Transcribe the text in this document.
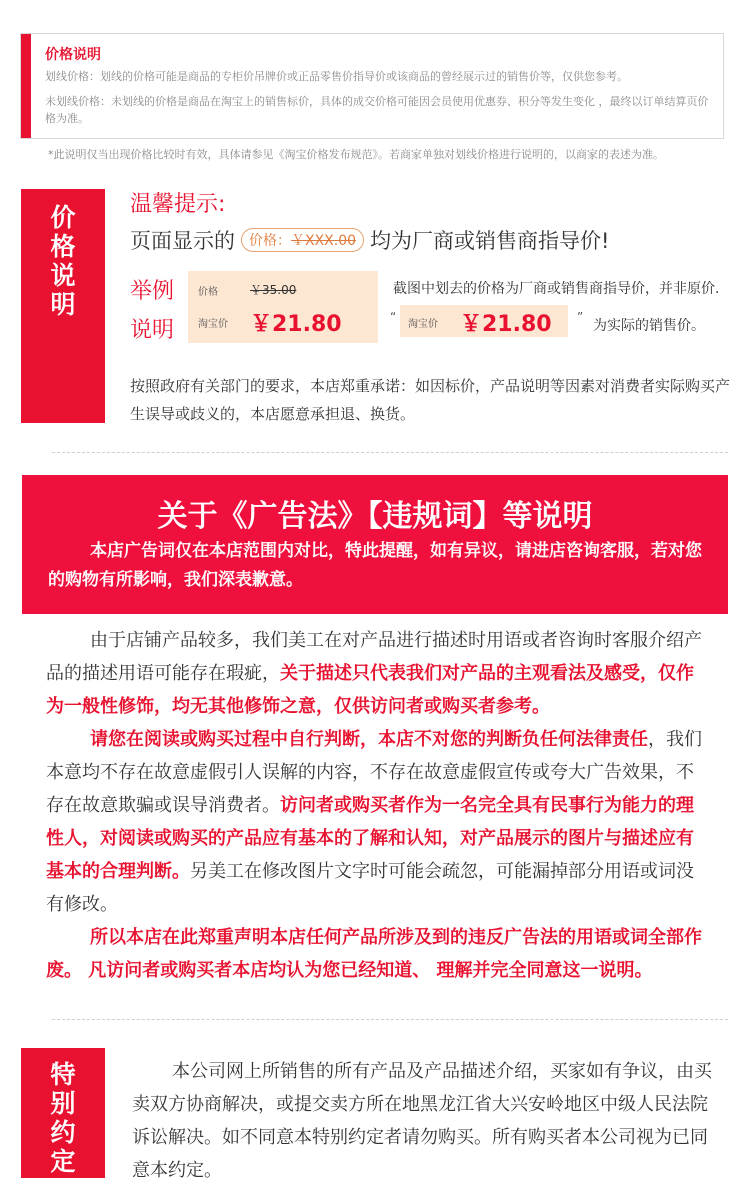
价格说明
划线价格：划线的价格可能是商品的专柜价吊牌价或正品零售价指导价或该商品的曾经展示过的销售价等，仅供您参考。
未划线价格：未划线的价格是商品在淘宝上的销售标价，具体的成交价格可能因会员使用优惠券、积分等发生变化 ，最终以订单结算页价格为准。
*此说明仅当出现价格比较时有效，具体请参见《淘宝价格发布规范》。若商家单独对划线价格进行说明的，以商家的表述为准。
价格说明
温馨提示:
页面显示的	价格：￥XXX.00 均为厂商或销售商指导价!
举例
说明
价格	￥35.00
淘宝价 ￥21.80
截图中划去的价格为厂商或销售商指导价，并非原价.
“
淘宝价 ￥21.80 ”
为实际的销售价。
按照政府有关部门的要求，本店郑重承诺：如因标价，产品说明等因素对消费者实际购买产生误导或歧义的，本店愿意承担退、换货。
关于《广告法》【违规词】等说明
本店广告词仅在本店范围内对比，特此提醒，如有异议，请进店咨询客服，若对您的购物有所影响，我们深表歉意。

由于店铺产品较多，我们美工在对产品进行描述时用语或者咨询时客服介绍产品的描述用语可能存在瑕疵，关于描述只代表我们对产品的主观看法及感受，仅作为一般性修饰，均无其他修饰之意，仅供访问者或购买者参考。

请您在阅读或购买过程中自行判断，本店不对您的判断负任何法律责任，我们本意均不存在故意虚假引人误解的内容，不存在故意虚假宣传或夸大广告效果，不存在故意欺骗或误导消费者。访问者或购买者作为一名完全具有民事行为能力的理性人，对阅读或购买的产品应有基本的了解和认知，对产品展示的图片与描述应有基本的合理判断。另美工在修改图片文字时可能会疏忽，可能漏掉部分用语或词没有修改。

所以本店在此郑重声明本店任何产品所涉及到的违反广告法的用语或词全部作废。 凡访问者或购买者本店均认为您已经知道、 理解并完全同意这一说明。

特别约定
本公司网上所销售的所有产品及产品描述介绍，买家如有争议，由买卖双方协商解决，或提交卖方所在地黑龙江省大兴安岭地区中级人民法院诉讼解决。如不同意本特别约定者请勿购买。所有购买者本公司视为已同意本约定。
